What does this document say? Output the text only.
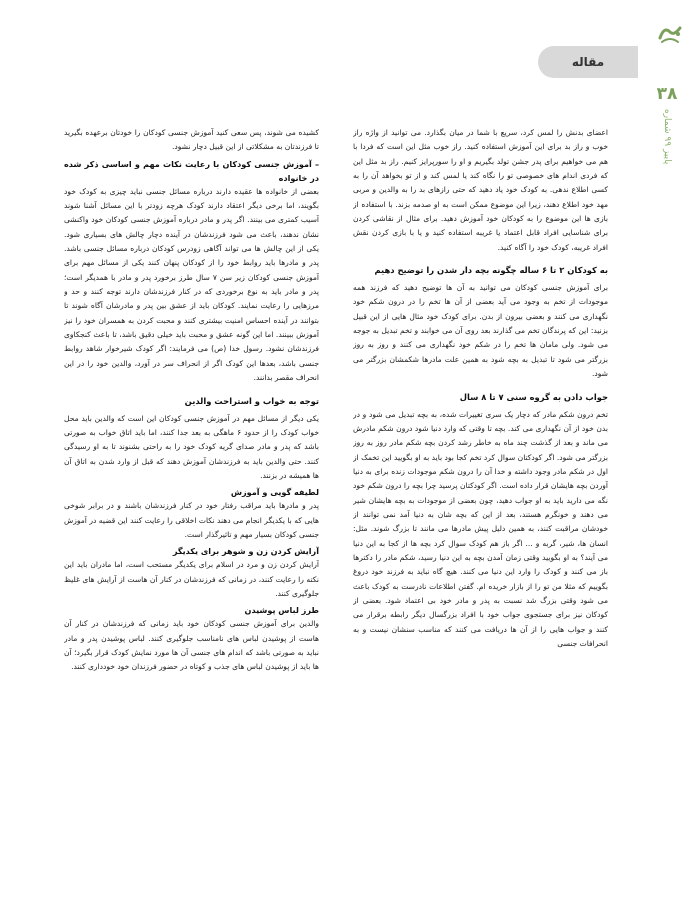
مقاله
۳۸
پاییز ۹۹ شماره

اعضای بدنش را لمس کرد، سریع با شما در میان بگذارد. می توانید از واژه راز خوب و راز بد برای این آموزش استفاده کنید. راز خوب مثل این است که فردا با هم می خواهیم برای پدر جشن تولد بگیریم و او را سورپرایز کنیم. راز بد مثل این که فردی اندام های خصوصی تو را نگاه کند یا لمس کند و از تو بخواهد آن را به کسی اطلاع ندهی. به کودک خود یاد دهید که حتی رازهای بد را به والدین و مربی مهد خود اطلاع دهند، زیرا این موضوع ممکن است به او صدمه بزند. با استفاده از بازی ها این موضوع را به کودکان خود آموزش دهید. برای مثال از نقاشی کردن برای شناسایی افراد قابل اعتماد یا غریبه استفاده کنید و یا با بازی کردن نقش افراد غریبه، کودک خود را آگاه کنید.

به کودکان ۲ تا ۶ ساله چگونه بچه دار شدن را توضیح دهیم

برای آموزش جنسی کودکان می توانید به آن ها توضیح دهید که فرزند همه موجودات از تخم به وجود می آید بعضی از آن ها تخم را در درون شکم خود نگهداری می کنند و بعضی بیرون از بدن. برای کودک خود مثال هایی از این قبیل بزنید: این که پرندگان تخم می گذارند بعد روی آن می خوابند و تخم تبدیل به جوجه می شود. ولی مامان ها تخم را در شکم خود نگهداری می کنند و روز به روز بزرگتر می شود تا تبدیل به بچه شود به همین علت مادرها شکمشان بزرگتر می شود.

جواب دادن به گروه سنی ۷ تا ۸ سال

تخم درون شکم مادر که دچار یک سری تغییرات شده، به بچه تبدیل می شود و در بدن خود از آن نگهداری می کند. بچه تا وقتی که وارد دنیا شود درون شکم مادرش می ماند و بعد از گذشت چند ماه به خاطر رشد کردن بچه شکم مادر روز به روز بزرگتر می شود. اگر کودکتان سوال کرد تخم کجا بود باید به او بگویید این تخمک از اول در شکم مادر وجود داشته و خدا آن را درون شکم موجودات زنده برای به دنیا آوردن بچه هایشان قرار داده است. اگر کودکتان پرسید چرا بچه را درون شکم خود نگه می دارید باید به او جواب دهید، چون بعضی از موجودات به بچه هایشان شیر می دهند و خونگرم هستند، بعد از این که بچه شان به دنیا آمد نمی توانند از خودشان مراقبت کنند، به همین دلیل پیش مادرها می مانند تا بزرگ شوند. مثل: انسان ها، شیر، گربه و ... اگر باز هم کودک سوال کرد بچه ها از کجا به این دنیا می آیند؟ به او بگویید وقتی زمان آمدن بچه به این دنیا رسید، شکم مادر را دکترها باز می کنند و کودک را وارد این دنیا می کنند. هیچ گاه نباید به فرزند خود دروغ بگوییم که مثلا من تو را از بازار خریده ام. گفتن اطلاعات نادرست به کودک باعث می شود وقتی بزرگ شد نسبت به پدر و مادر خود بی اعتماد شود. بعضی از کودکان نیز برای جستجوی جواب خود با افراد بزرگسال دیگر رابطه برقرار می کنند و جواب هایی را از آن ها دریافت می کنند که مناسب سنشان نیست و به انحرافات جنسی

کشیده می شوند، پس سعی کنید آموزش جنسی کودکان را خودتان برعهده بگیرید تا فرزندتان به مشکلاتی از این قبیل دچار نشود.

– آموزش جنسی کودکان با رعایت نکات مهم و اساسی ذکر شده در خانواده

بعضی از خانواده ها عقیده دارند درباره مسائل جنسی نباید چیزی به کودک خود بگویند، اما برخی دیگر اعتقاد دارند کودک هرچه زودتر با این مسائل آشنا شوند آسیب کمتری می بینند. اگر پدر و مادر درباره آموزش جنسی کودکان خود واکنشی نشان ندهند، باعث می شود فرزندشان در آینده دچار چالش های بسیاری شود. یکی از این چالش ها می تواند آگاهی زودرس کودکان درباره مسائل جنسی باشد. پدر و مادرها باید روابط خود را از کودکان پنهان کنند یکی از مسائل مهم برای آموزش جنسی کودکان زیر سن ۷ سال طرز برخورد پدر و مادر با همدیگر است؛ پدر و مادر باید به نوع برخوردی که در کنار فرزندشان دارند توجه کنند و حد و مرزهایی را رعایت نمایند. کودکان باید از عشق بین پدر و مادرشان آگاه شوند تا بتوانند در آینده احساس امنیت بیشتری کنند و محبت کردن به همسران خود را نیز آموزش ببینند. اما این گونه عشق و محبت باید خیلی دقیق باشد، تا باعث کنجکاوی فرزندشان نشود. رسول خدا (ص) می فرمایند: اگر کودک شیرخوار شاهد روابط جنسی باشد، بعدها این کودک اگر از انحراف سر در آورد، والدین خود را در این انحراف مقصر بدانند.

توجه به خواب و استراحت والدین

یکی دیگر از مسائل مهم در آموزش جنسی کودکان این است که والدین باید محل خواب کودک را از حدود ۶ ماهگی به بعد جدا کنند، اما باید اتاق خواب به صورتی باشد که پدر و مادر صدای گریه کودک خود را به راحتی بشنوند تا به او رسیدگی کنند. حتی والدین باید به فرزندشان آموزش دهند که قبل از وارد شدن به اتاق آن ها همیشه در بزنند.

لطیفه گویی و آموزش

پدر و مادرها باید مراقب رفتار خود در کنار فرزندشان باشند و در برابر شوخی هایی که با یکدیگر انجام می دهند نکات اخلاقی را رعایت کنند این قضیه در آموزش جنسی کودکان بسیار مهم و تاثیرگذار است.

آرایش کردن زن و شوهر برای یکدیگر

آرایش کردن زن و مرد در اسلام برای یکدیگر مستحب است، اما مادران باید این نکته را رعایت کنند، در زمانی که فرزندشان در کنار آن هاست از آرایش های غلیظ جلوگیری کنند.

طرز لباس پوشیدن

والدین برای آموزش جنسی کودکان خود باید زمانی که فرزندشان در کنار آن هاست از پوشیدن لباس های نامناسب جلوگیری کنند. لباس پوشیدن پدر و مادر نباید به صورتی باشد که اندام های جنسی آن ها مورد نمایش کودک قرار بگیرد؛ آن ها باید از پوشیدن لباس های جذب و کوتاه در حضور فرزندان خود خودداری کنند.
